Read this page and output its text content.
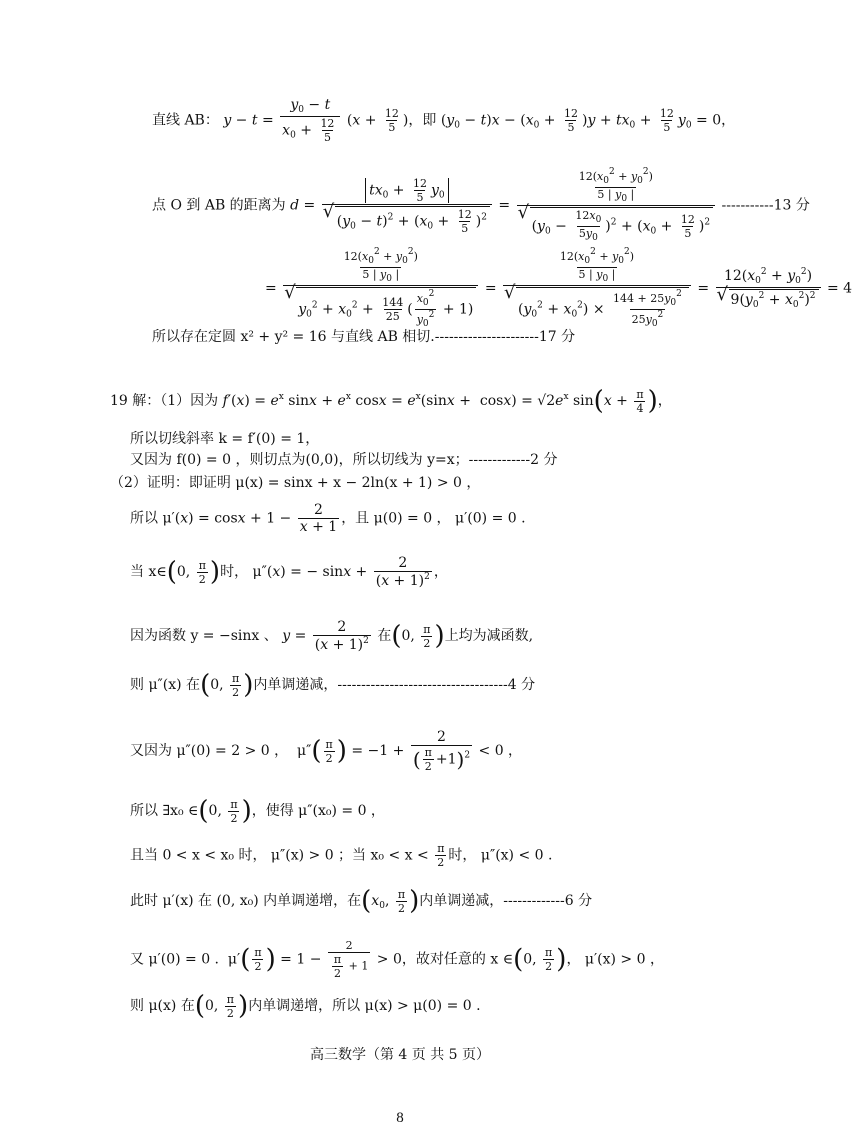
直线 AB： $y - t = \frac{y_0 - t}{x_0 + \frac{12}{5}} (x + \frac{12}{5}$ )，即 $(y_0 - t)x - (x_0 + \frac{12}{5} )y + tx_0 + \frac{12}{5} y_0 = 0$，
点 O 到 AB 的距离为 $d = tx_0 + \frac{12}{5} y_0$
√ $(y_0 - t)^2 + (x_0 + \frac{12}{5} )^2 = \frac{12(x_0^2 + y_0^2)}{5 | y_0 |}$
√ $(y_0 - \frac{12x_0}{5y_0} )^2 + (x_0 + \frac{12}{5} )^2$ -----------13 分
= $\frac{12(x_0^2 + y_0^2)}{5 | y_0 |}$
√ $y_0^2 + x_0^2 + \frac{144}{25}$ ( $\frac{x_0^2}{y_0^2} + 1) = \frac{12(x_0^2 + y_0^2)}{5 | y_0 |}$
√ $(y_0^2 + x_0^2) \times \frac{144 + 25y_0^2}{25y_0^2} = 12(x_0^2 + y_0^2)$
√ $9(y_0^2 + x_0^2)^2 = 4$
所以存在定圆 x² + y² = 16 与直线 AB 相切.----------------------17 分
19 解：（1）因为 $f'(x) = e^x$ $\sin x + e^x$ $\cos x = e^x(\sin x + \cos x) = √2e^x$ $\sin(x + \frac{\pi}{4}$ )，
所以切线斜率 k = f′(0) = 1，
又因为 f(0) = 0 ，则切点为(0,0)，所以切线为 y=x；-------------2 分
（2）证明：即证明 μ(x) = sinx + x − 2ln(x + 1) > 0 ，
所以 $\mu'(x) = \cos x + 1 - \frac{2}{x + 1}$ ，且 μ(0) = 0 ， μ′(0) = 0 .
当 x∈(0, $\frac{\pi}{2}$ )时， μ″(x) = − $\sin x + \frac{2}{(x + 1)^2}$ ，
因为函数 y = −sinx 、 $y = \frac{2}{(x + 1)^2}$ 在(0, $\frac{\pi}{2}$ )上均为减函数,
则 μ″(x) 在(0, $\frac{\pi}{2}$ )内单调递减，------------------------------------4 分
又因为 μ″(0) = 2 > 0 ，  $\mu''( \frac{\pi}{2}$ ) = $-1 + \frac{2}{( \frac{\pi}{2} +1)^2} < 0$ ，
所以 ∃x₀ ∈(0, $\frac{\pi}{2}$ )，使得 μ″(x₀) = 0 ，
且当 0 < x < x₀ 时， μ″(x) > 0 ；当 $x_0 < x < \frac{\pi}{2}$ 时， μ″(x) < 0 .
此时 μ′(x) 在 (0, x₀) 内单调递增，在($x_0$, $\frac{\pi}{2}$ )内单调递减，-------------6 分
又 μ′(0) = 0 .  $\mu'( \frac{\pi}{2}$ ) = $1 - \frac{2}{\frac{\pi}{2} + 1} > 0$，故对任意的 x ∈(0, $\frac{\pi}{2}$ )， μ′(x) > 0 ，
则 μ(x) 在(0, $\frac{\pi}{2}$ )内单调递增，所以 μ(x) > μ(0) = 0 .
高三数学（第 4 页 共 5 页）
8
